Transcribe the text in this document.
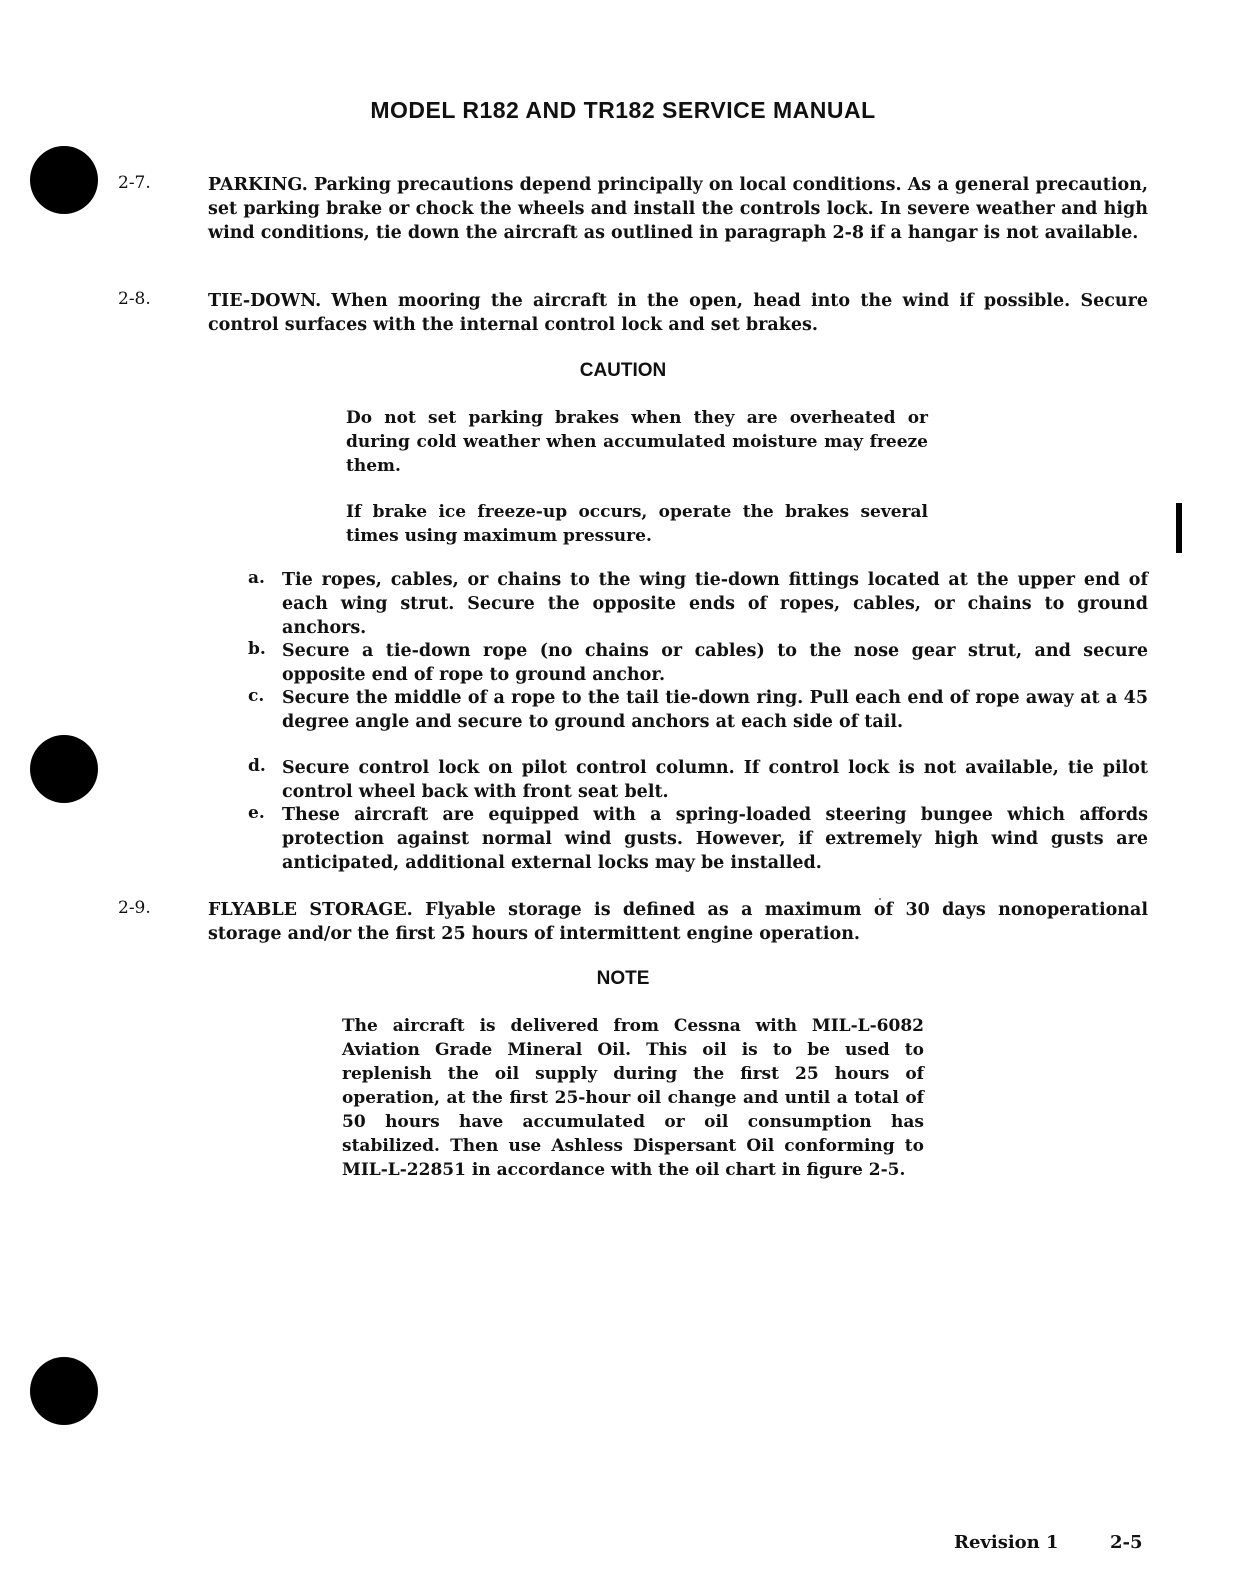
MODEL R182 AND TR182 SERVICE MANUAL
2-7.	PARKING. Parking precautions depend principally on local conditions. As a general precaution, set parking brake or chock the wheels and install the controls lock. In severe weather and high wind conditions, tie down the aircraft as outlined in paragraph 2-8 if a hangar is not available.
2-8.	TIE-DOWN. When mooring the aircraft in the open, head into the wind if possible. Secure control surfaces with the internal control lock and set brakes.
CAUTION
Do not set parking brakes when they are overheated or during cold weather when accumulated moisture may freeze them.
If brake ice freeze-up occurs, operate the brakes several times using maximum pressure.
a. Tie ropes, cables, or chains to the wing tie-down fittings located at the upper end of each wing strut. Secure the opposite ends of ropes, cables, or chains to ground anchors.
b. Secure a tie-down rope (no chains or cables) to the nose gear strut, and secure opposite end of rope to ground anchor.
c. Secure the middle of a rope to the tail tie-down ring. Pull each end of rope away at a 45 degree angle and secure to ground anchors at each side of tail.
d. Secure control lock on pilot control column. If control lock is not available, tie pilot control wheel back with front seat belt.
e. These aircraft are equipped with a spring-loaded steering bungee which affords protection against normal wind gusts. However, if extremely high wind gusts are anticipated, additional external locks may be installed.
2-9.	FLYABLE STORAGE. Flyable storage is defined as a maximum of 30 days nonoperational storage and/or the first 25 hours of intermittent engine operation.
NOTE
The aircraft is delivered from Cessna with MIL-L-6082 Aviation Grade Mineral Oil. This oil is to be used to replenish the oil supply during the first 25 hours of operation, at the first 25-hour oil change and until a total of 50 hours have accumulated or oil consumption has stabilized. Then use Ashless Dispersant Oil conforming to MIL-L-22851 in accordance with the oil chart in figure 2-5.
Revision 1	2-5
